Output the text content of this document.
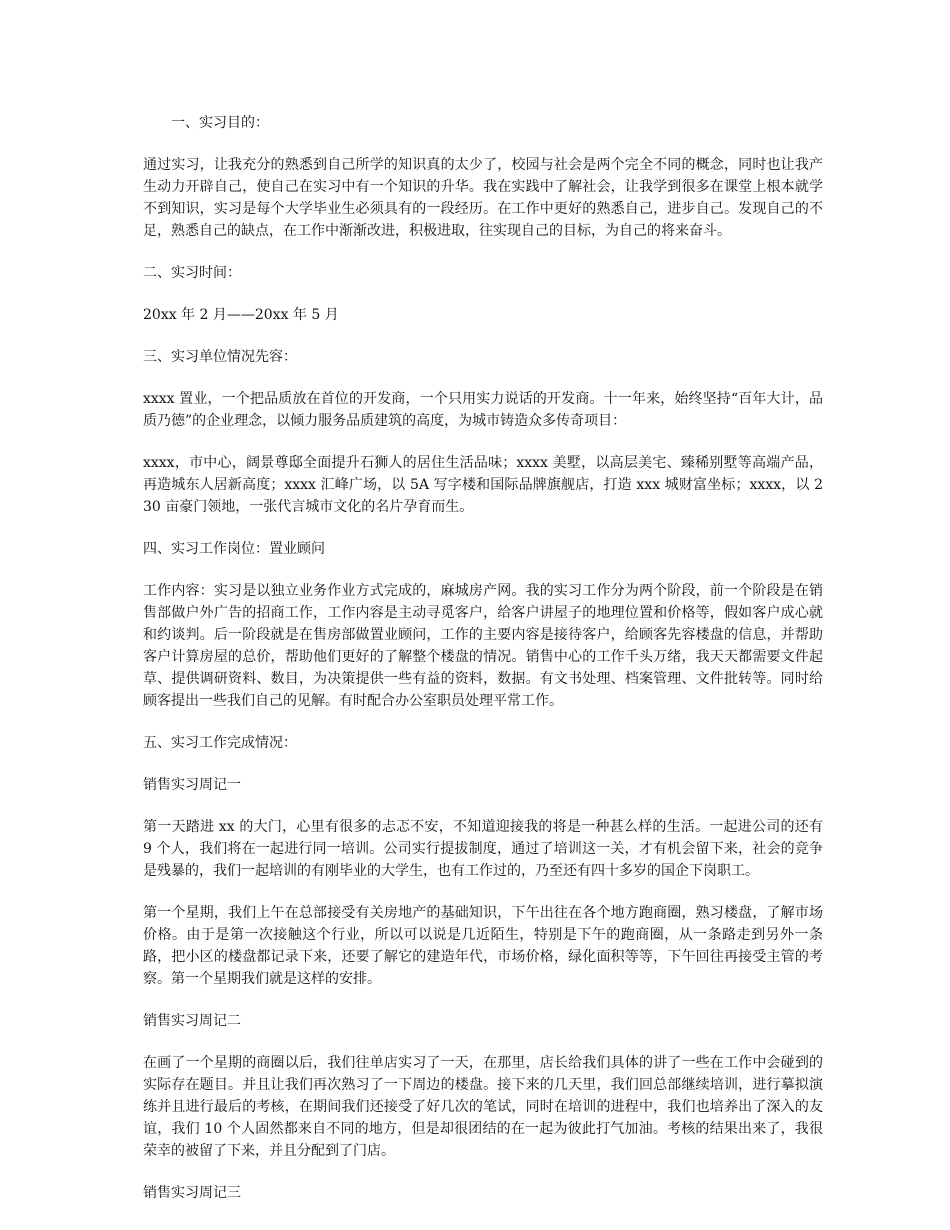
一、实习目的：

通过实习，让我充分的熟悉到自己所学的知识真的太少了，校园与社会是两个完全不同的概念，同时也让我产生动力开辟自己，使自己在实习中有一个知识的升华。我在实践中了解社会，让我学到很多在课堂上根本就学不到知识，实习是每个大学毕业生必须具有的一段经历。在工作中更好的熟悉自己，进步自己。发现自己的不足，熟悉自己的缺点，在工作中渐渐改进，积极进取，往实现自己的目标，为自己的将来奋斗。

二、实习时间：

20xx 年 2 月——20xx 年 5 月

三、实习单位情况先容：

xxxx 置业，一个把品质放在首位的开发商，一个只用实力说话的开发商。十一年来，始终坚持“百年大计，品质乃德”的企业理念，以倾力服务品质建筑的高度，为城市铸造众多传奇项目：

xxxx，市中心，阔景尊邸全面提升石狮人的居住生活品味；xxxx 美墅，以高层美宅、臻稀别墅等高端产品，再造城东人居新高度；xxxx 汇峰广场，以 5A 写字楼和国际品牌旗舰店，打造 xxx 城财富坐标；xxxx，以 230 亩豪门领地，一张代言城市文化的名片孕育而生。

四、实习工作岗位：置业顾问

工作内容：实习是以独立业务作业方式完成的，麻城房产网。我的实习工作分为两个阶段，前一个阶段是在销售部做户外广告的招商工作，工作内容是主动寻觅客户，给客户讲屋子的地理位置和价格等，假如客户成心就和约谈判。后一阶段就是在售房部做置业顾问，工作的主要内容是接待客户，给顾客先容楼盘的信息，并帮助客户计算房屋的总价，帮助他们更好的了解整个楼盘的情况。销售中心的工作千头万绪，我天天都需要文件起草、提供调研资料、数目，为决策提供一些有益的资料，数据。有文书处理、档案管理、文件批转等。同时给顾客提出一些我们自己的见解。有时配合办公室职员处理平常工作。

五、实习工作完成情况：

销售实习周记一

第一天踏进 xx 的大门，心里有很多的忐忑不安，不知道迎接我的将是一种甚么样的生活。一起进公司的还有 9 个人，我们将在一起进行同一培训。公司实行提拔制度，通过了培训这一关，才有机会留下来，社会的竞争是残暴的，我们一起培训的有刚毕业的大学生，也有工作过的，乃至还有四十多岁的国企下岗职工。

第一个星期，我们上午在总部接受有关房地产的基础知识，下午出往在各个地方跑商圈，熟习楼盘，了解市场价格。由于是第一次接触这个行业，所以可以说是几近陌生，特别是下午的跑商圈，从一条路走到另外一条路，把小区的楼盘都记录下来，还要了解它的建造年代，市场价格，绿化面积等等，下午回往再接受主管的考察。第一个星期我们就是这样的安排。

销售实习周记二

在画了一个星期的商圈以后，我们往单店实习了一天，在那里，店长给我们具体的讲了一些在工作中会碰到的实际存在题目。并且让我们再次熟习了一下周边的楼盘。接下来的几天里，我们回总部继续培训，进行摹拟演练并且进行最后的考核，在期间我们还接受了好几次的笔试，同时在培训的进程中，我们也培养出了深入的友谊，我们 10 个人固然都来自不同的地方，但是却很团结的在一起为彼此打气加油。考核的结果出来了，我很荣幸的被留了下来，并且分配到了门店。

销售实习周记三
